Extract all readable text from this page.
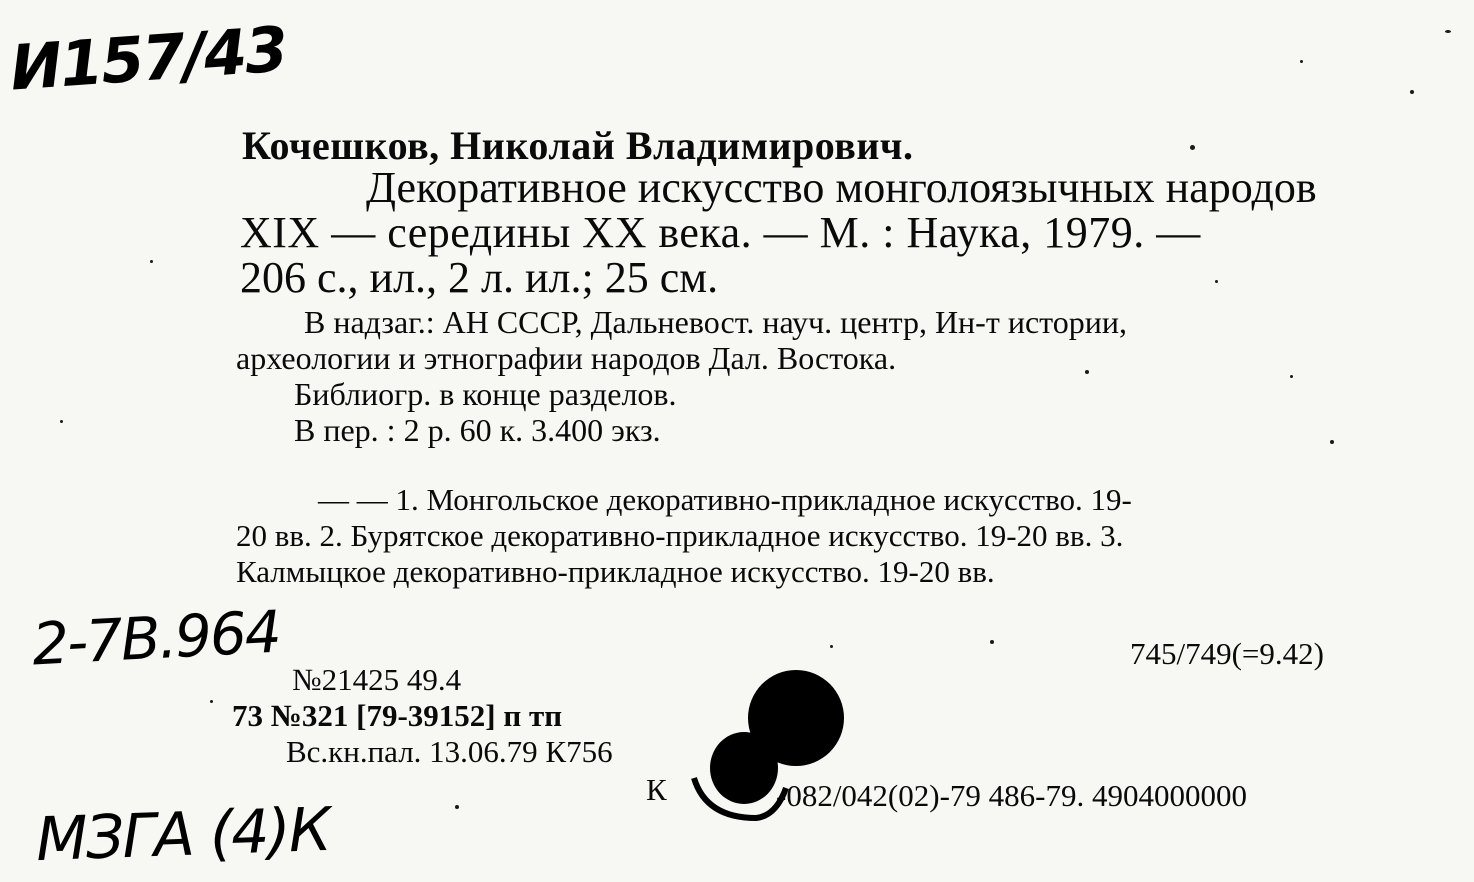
И157/43
Кочешков, Николай Владимирович.
Декоративное искусство монголоязычных народов
XIX — середины XX века. — М. : Наука, 1979. —
206 с., ил., 2 л. ил.; 25 см.
В надзаг.: АН СССР, Дальневост. науч. центр, Ин-т истории,
археологии и этнографии народов Дал. Востока.
Библиогр. в конце разделов.
В пер. : 2 р. 60 к. 3.400 экз.
— — 1. Монгольское декоративно-прикладное искусство. 19-
20 вв. 2. Бурятское декоративно-прикладное искусство. 19-20 вв. 3.
Калмыцкое декоративно-прикладное искусство. 19-20 вв.
2-7В.964	745/749(=9.42)
№21425 49.4
73 №321 [79-39152] п тп
Вс.кн.пал. 13.06.79 К756
К	-082/042(02)-79 486-79. 4904000000
МЗГА (4)К
